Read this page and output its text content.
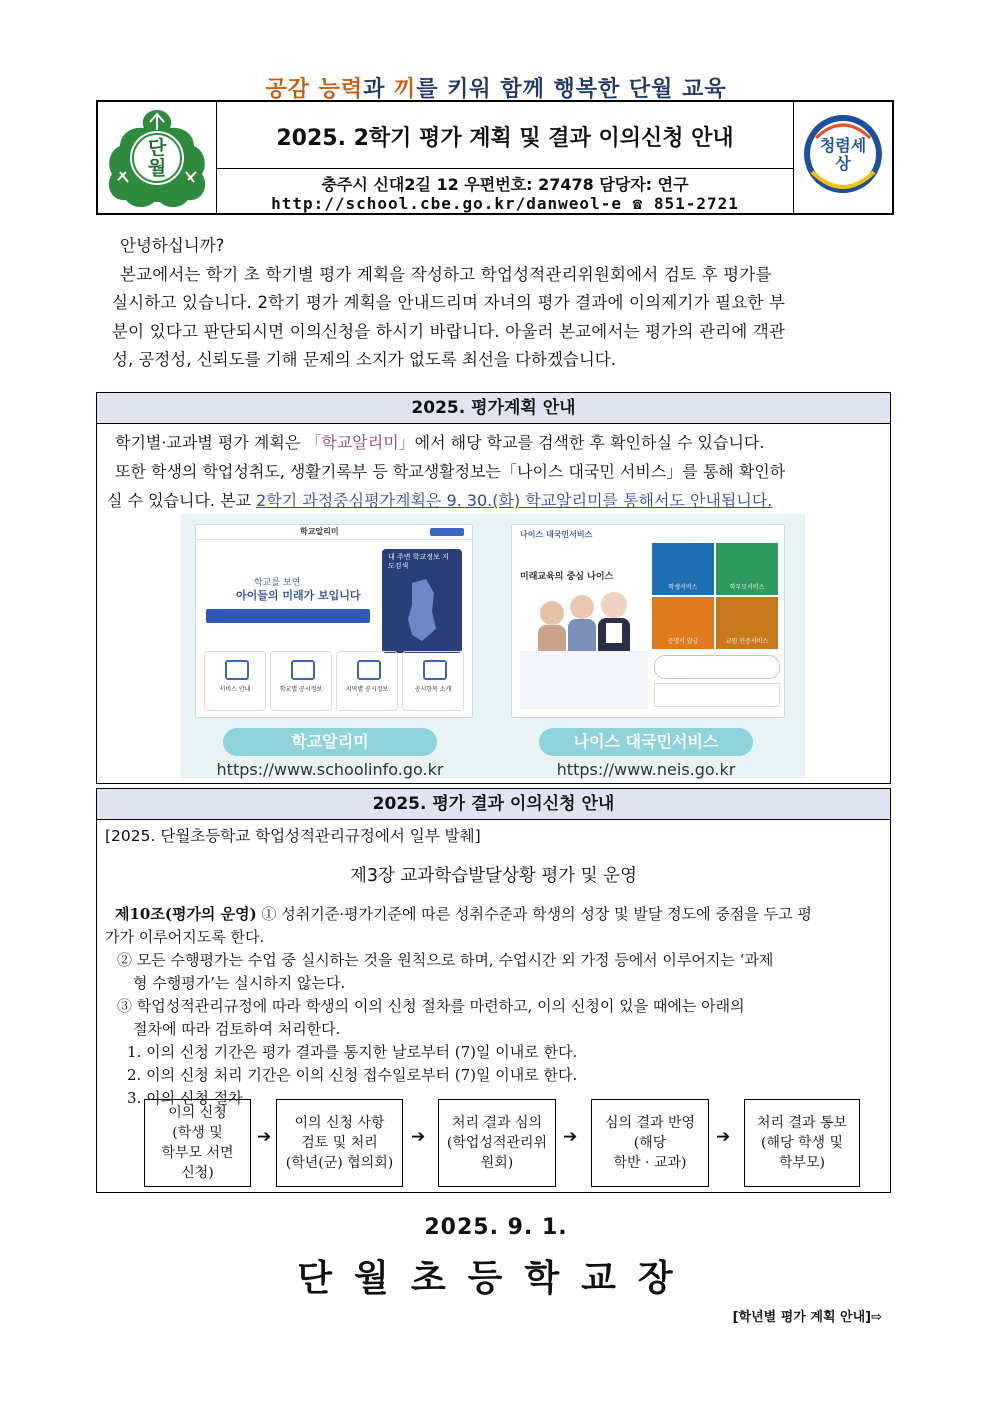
공감 능력과 끼를 키워 함께 행복한 단월 교육
단월
2025. 2학기 평가 계획 및 결과 이의신청 안내
충주시 신대2길 12 우편번호: 27478 담당자: 연구
http://school.cbe.go.kr/danweol-e ☎ 851-2721
청렴세상

안녕하십니까?

본교에서는 학기 초 학기별 평가 계획을 작성하고 학업성적관리위원회에서 검토 후 평가를

실시하고 있습니다. 2학기 평가 계획을 안내드리며 자녀의 평가 결과에 이의제기가 필요한 부

분이 있다고 판단되시면 이의신청을 하시기 바랍니다. 아울러 본교에서는 평가의 관리에 객관

성, 공정성, 신뢰도를 기해 문제의 소지가 없도록 최선을 다하겠습니다.

2025. 평가계획 안내
학기별·교과별 평가 계획은 「학교알리미」에서 해당 학교를 검색한 후 확인하실 수 있습니다.
또한 학생의 학업성취도, 생활기록부 등 학교생활정보는「나이스 대국민 서비스」를 통해 확인하
실 수 있습니다. 본교 2학기 과정중심평가계획은 9. 30.(화) 학교알리미를 통해서도 안내됩니다.
학교알리미
학교를 보면
아이들의 미래가 보입니다
내 주변 학교정보 지도검색
서비스 안내	학교별 공시정보	지역별 공시정보	공시항목 소개
나이스 대국민서비스
미래교육의 중심 나이스
학생서비스	학부모서비스
증명서 발급	교원 인증서비스
학교알리미
https://www.schoolinfo.go.kr
나이스 대국민서비스
https://www.neis.go.kr
2025. 평가 결과 이의신청 안내
[2025. 단월초등학교 학업성적관리규정에서 일부 발췌]
제3장 교과학습발달상황 평가 및 운영
제10조(평가의 운영) ① 성취기준·평가기준에 따른 성취수준과 학생의 성장 및 발달 정도에 중점을 두고 평
가가 이루어지도록 한다.
② 모든 수행평가는 수업 중 실시하는 것을 원칙으로 하며, 수업시간 외 가정 등에서 이루어지는 ‘과제
형 수행평가’는 실시하지 않는다.
③ 학업성적관리규정에 따라 학생의 이의 신청 절차를 마련하고, 이의 신청이 있을 때에는 아래의
절차에 따라 검토하여 처리한다.
1. 이의 신청 기간은 평가 결과를 통지한 날로부터 (7)일 이내로 한다.
2. 이의 신청 처리 기간은 이의 신청 접수일로부터 (7)일 이내로 한다.
3. 이의 신청 절차
이의 신청
(학생 및
학부모 서면
신청)
➔
이의 신청 사항
검토 및 처리
(학년(군) 협의회)
➔
처리 결과 심의
(학업성적관리위
원회)
➔
심의 결과 반영
(해당
학반 · 교과)
➔
처리 결과 통보
(해당 학생 및
학부모)
2025. 9. 1.
단월초등학교장
[학년별 평가 계획 안내]⇨
